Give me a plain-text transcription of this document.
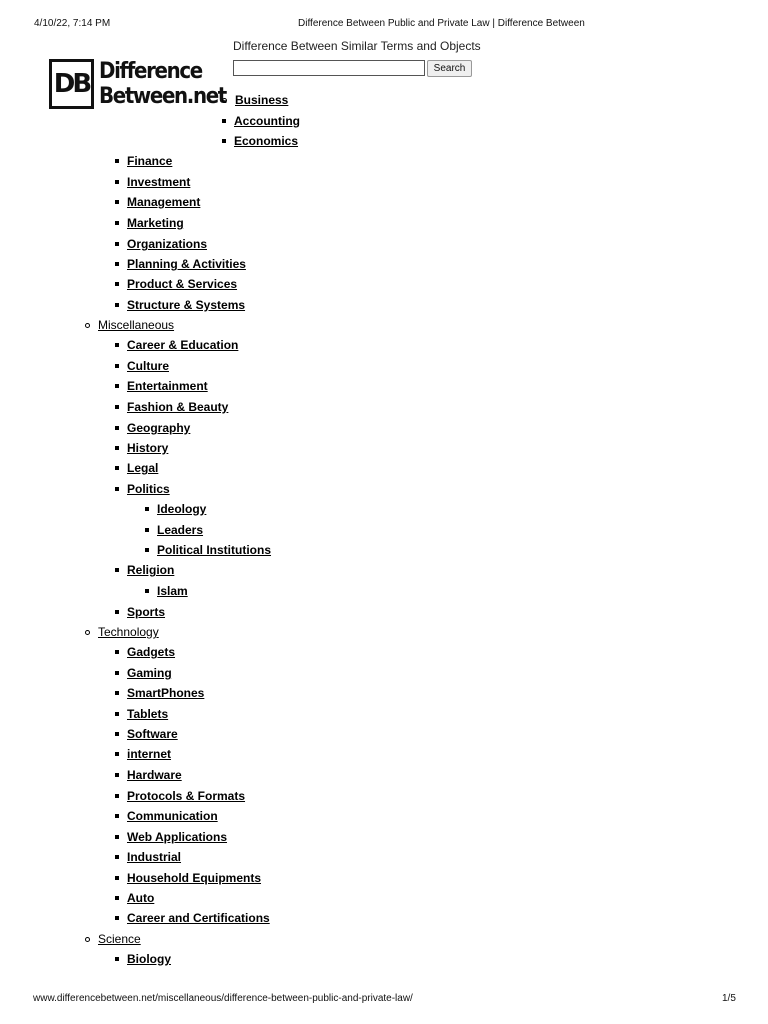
4/10/22, 7:14 PM	Difference Between Public and Private Law | Difference Between
www.differencebetween.net/miscellaneous/difference-between-public-and-private-law/	1/5
DB Difference
Between.net
Difference Between Similar Terms and Objects
Search
Business
Accounting
Economics
Finance
Investment
Management
Marketing
Organizations
Planning & Activities
Product & Services
Structure & Systems
Miscellaneous
Career & Education
Culture
Entertainment
Fashion & Beauty
Geography
History
Legal
Politics
Ideology
Leaders
Political Institutions
Religion
Islam
Sports
Technology
Gadgets
Gaming
SmartPhones
Tablets
Software
internet
Hardware
Protocols & Formats
Communication
Web Applications
Industrial
Household Equipments
Auto
Career and Certifications
Science
Biology
